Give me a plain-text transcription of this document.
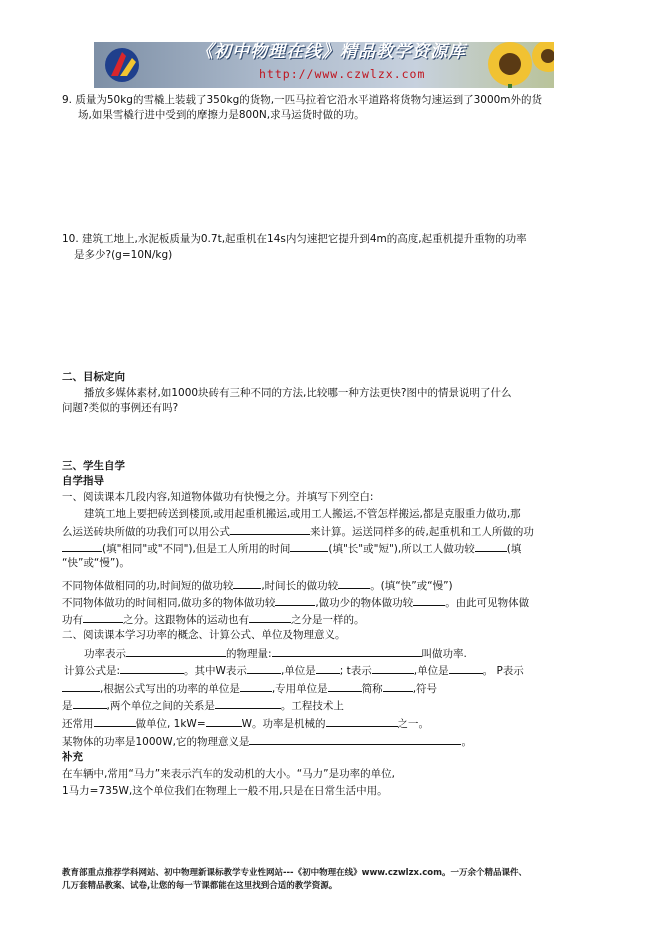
《初中物理在线》精品教学资源库
http://www.czwlzx.com
9. 质量为50kg的雪橇上装载了350kg的货物,一匹马拉着它沿水平道路将货物匀速运到了3000m外的货
场,如果雪橇行进中受到的摩擦力是800N,求马运货时做的功。
10. 建筑工地上,水泥板质量为0.7t,起重机在14s内匀速把它提升到4m的高度,起重机提升重物的功率
是多少?(g=10N/kg)
二、目标定向
播放多媒体素材,如1000块砖有三种不同的方法,比较哪一种方法更快?图中的情景说明了什么
问题?类似的事例还有吗?
三、学生自学
自学指导
一、阅读课本几段内容,知道物体做功有快慢之分。并填写下列空白:
建筑工地上要把砖送到楼顶,或用起重机搬运,或用工人搬运,不管怎样搬运,都是克服重力做功,那
么运送砖块所做的功我们可以用公式	来计算。运送同样多的砖,起重机和工人所做的功
(填"相同"或"不同"),但是工人所用的时间	(填"长"或"短"),所以工人做功较	(填
“快”或“慢”)。
不同物体做相同的功,时间短的做功较	,时间长的做功较	。(填“快”或“慢”)
不同物体做功的时间相同,做功多的物体做功较	,做功少的物体做功较	。由此可见物体做
功有	之分。这跟物体的运动也有	之分是一样的。
二、阅读课本学习功率的概念、计算公式、单位及物理意义。
功率表示	的物理量:	叫做功率.
计算公式是:	。其中W表示	,单位是 ; t表示	,单位是	。 P表示
,根据公式写出的功率的单位是	,专用单位是	简称	,符号
是	,两个单位之间的关系是	。工程技术上
还常用	做单位, 1kW=	W。功率是机械的	之一。
某物体的功率是1000W,它的物理意义是	。
补充
在车辆中,常用“马力”来表示汽车的发动机的大小。“马力”是功率的单位,
1马力=735W,这个单位我们在物理上一般不用,只是在日常生活中用。
教育部重点推荐学科网站、初中物理新课标教学专业性网站---《初中物理在线》www.czwlzx.com。一万余个精品课件、
几万套精品教案、试卷,让您的每一节课都能在这里找到合适的教学资源。
